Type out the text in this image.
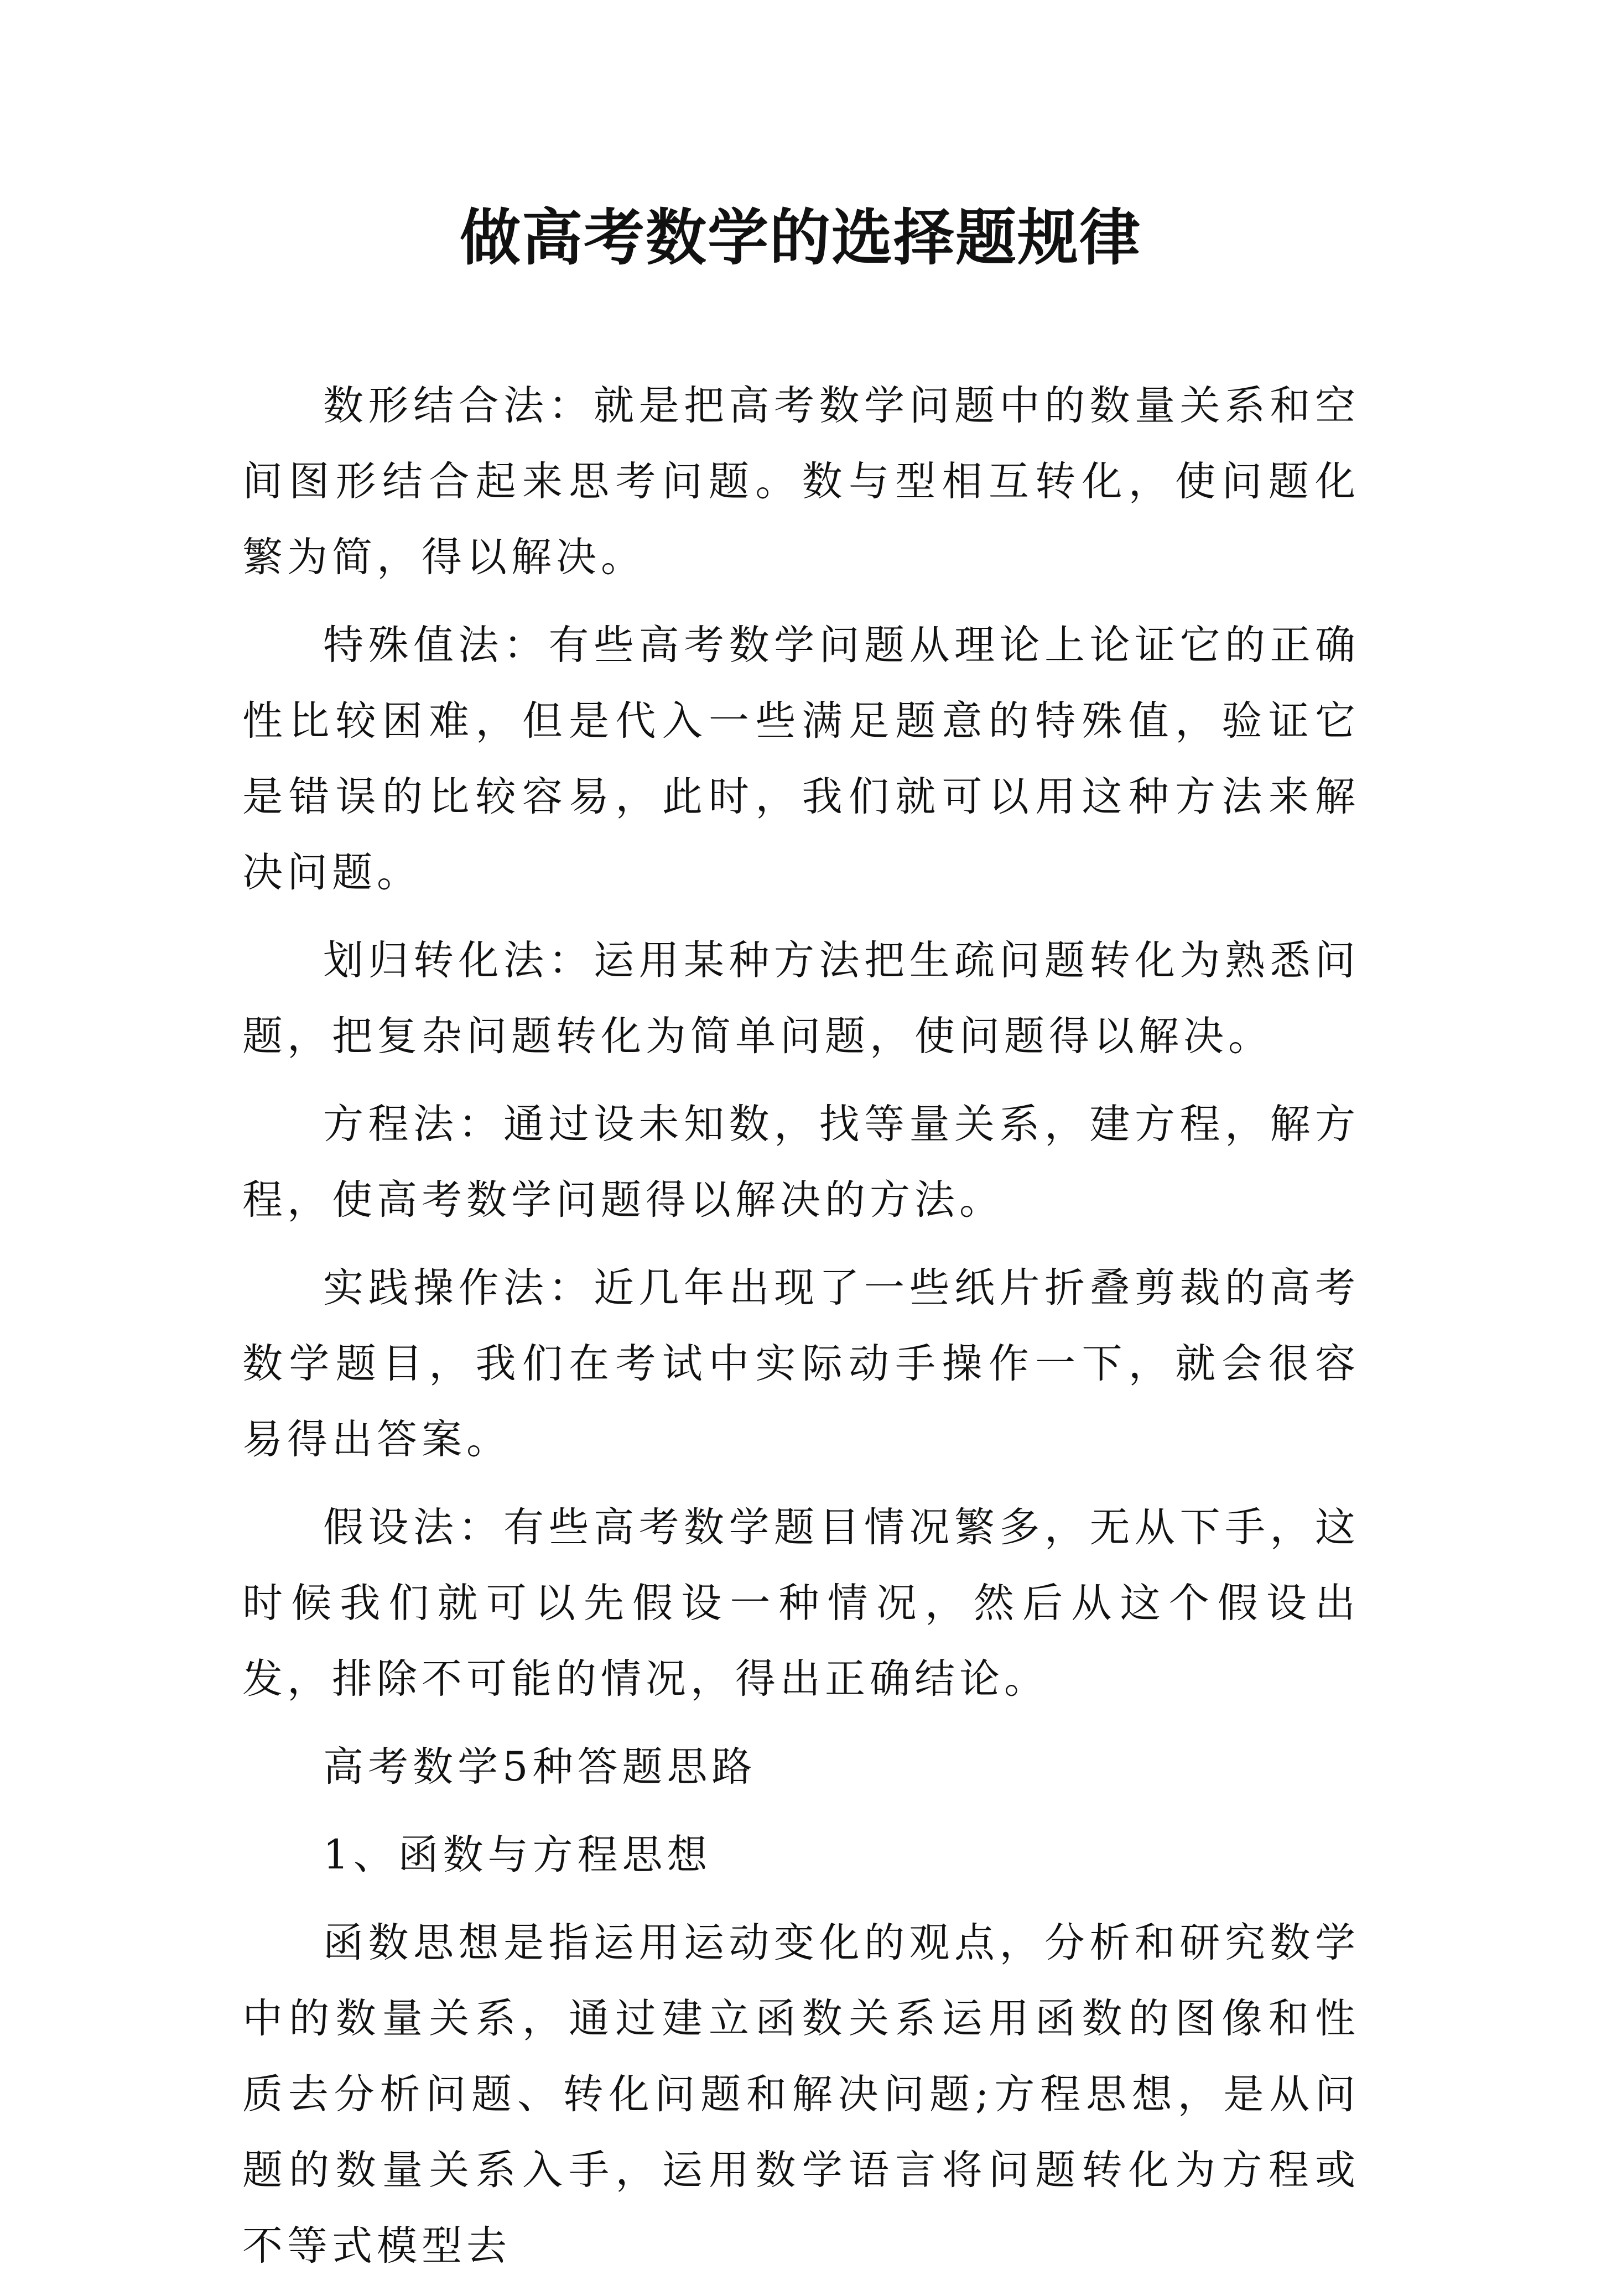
做高考数学的选择题规律

数形结合法：就是把高考数学问题中的数量关系和空间图形结合起来思考问题。数与型相互转化，使问题化繁为简，得以解决。

特殊值法：有些高考数学问题从理论上论证它的正确性比较困难，但是代入一些满足题意的特殊值，验证它是错误的比较容易，此时，我们就可以用这种方法来解决问题。

划归转化法：运用某种方法把生疏问题转化为熟悉问题，把复杂问题转化为简单问题，使问题得以解决。

方程法：通过设未知数，找等量关系，建方程，解方程，使高考数学问题得以解决的方法。

实践操作法：近几年出现了一些纸片折叠剪裁的高考数学题目，我们在考试中实际动手操作一下，就会很容易得出答案。

假设法：有些高考数学题目情况繁多，无从下手，这时候我们就可以先假设一种情况，然后从这个假设出发，排除不可能的情况，得出正确结论。

高考数学5种答题思路

1、函数与方程思想

函数思想是指运用运动变化的观点，分析和研究数学中的数量关系，通过建立函数关系运用函数的图像和性质去分析问题、转化问题和解决问题;方程思想，是从问题的数量关系入手，运用数学语言将问题转化为方程或不等式模型去
